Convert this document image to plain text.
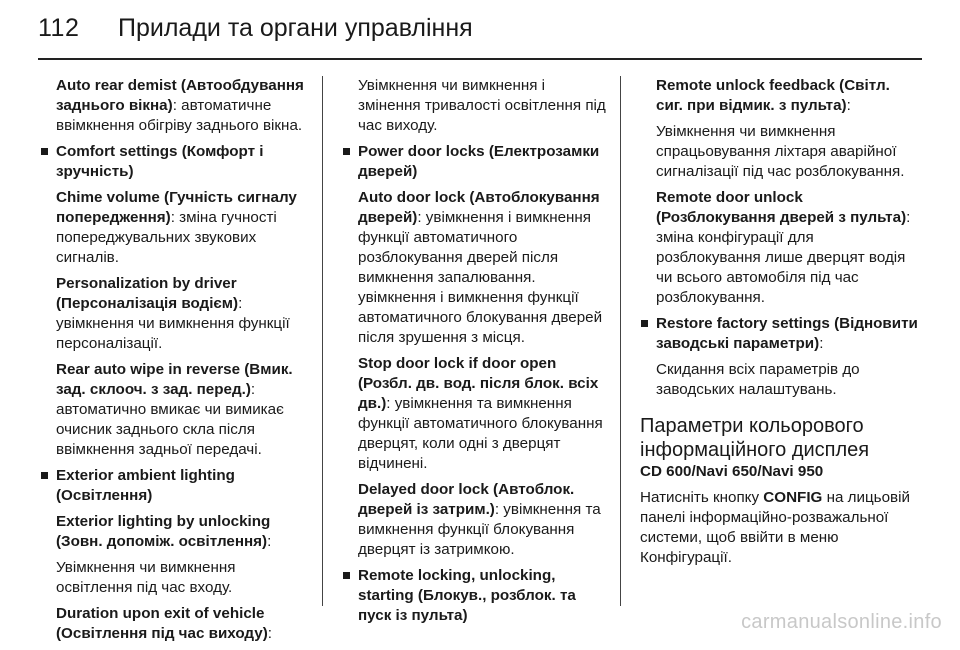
112 Прилади та органи управління

Auto rear demist (Автообдування заднього вікна): автоматичне ввімкнення обігріву заднього вікна.

Comfort settings (Комфорт і зручність)

Chime volume (Гучність сигналу попередження): зміна гучності попереджувальних звукових сигналів.

Personalization by driver (Персоналізація водієм): увімкнення чи вимкнення функції персоналізації.

Rear auto wipe in reverse (Вмик. зад. склооч. з зад. перед.): автоматично вмикає чи вимикає очисник заднього скла після ввімкнення задньої передачі.

Exterior ambient lighting (Освітлення)

Exterior lighting by unlocking (Зовн. допоміж. освітлення):

Увімкнення чи вимкнення освітлення під час входу.

Duration upon exit of vehicle (Освітлення під час виходу):

Увімкнення чи вимкнення і змінення тривалості освітлення під час виходу.

Power door locks (Електрозамки дверей)

Auto door lock (Автоблокування дверей): увімкнення і вимкнення функції автоматичного розблокування дверей після вимкнення запалювання.
увімкнення і вимкнення функції автоматичного блокування дверей після зрушення з місця.

Stop door lock if door open (Розбл. дв. вод. після блок. всіх дв.): увімкнення та вимкнення функції автоматичного блокування дверцят, коли одні з дверцят відчинені.

Delayed door lock (Автоблок. дверей із затрим.): увімкнення та вимкнення функції блокування дверцят із затримкою.

Remote locking, unlocking, starting (Блокув., розблок. та пуск із пульта)

Remote unlock feedback (Світл. сиг. при відмик. з пульта):

Увімкнення чи вимкнення спрацьовування ліхтаря аварійної сигналізації під час розблокування.

Remote door unlock (Розблокування дверей з пульта): зміна конфігурації для розблокування лише дверцят водія чи всього автомобіля під час розблокування.

Restore factory settings (Відновити заводські параметри):

Скидання всіх параметрів до заводських налаштувань.

Параметри кольорового інформаційного дисплея
CD 600/Navi 650/Navi 950

Натисніть кнопку CONFIG на лицьовій панелі інформаційно-розважальної системи, щоб ввійти в меню Конфігурації.

carmanualsonline.info
